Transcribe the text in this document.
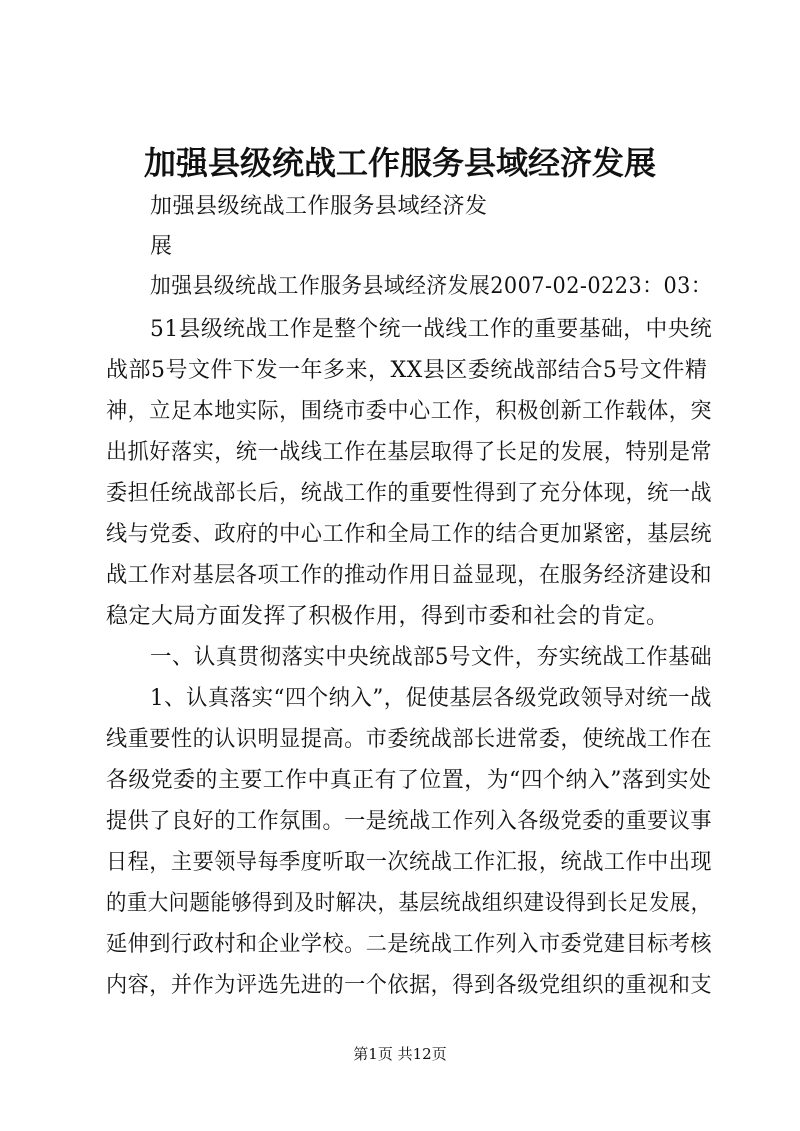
加强县级统战工作服务县域经济发展
加强县级统战工作服务县域经济发
展
加强县级统战工作服务县域经济发展2007-02-0223：03：
51县级统战工作是整个统一战线工作的重要基础，中央统
战部5号文件下发一年多来，XX县区委统战部结合5号文件精
神，立足本地实际，围绕市委中心工作，积极创新工作载体，突
出抓好落实，统一战线工作在基层取得了长足的发展，特别是常
委担任统战部长后，统战工作的重要性得到了充分体现，统一战
线与党委、政府的中心工作和全局工作的结合更加紧密，基层统
战工作对基层各项工作的推动作用日益显现，在服务经济建设和
稳定大局方面发挥了积极作用，得到市委和社会的肯定。
一、认真贯彻落实中央统战部5号文件，夯实统战工作基础
1、认真落实“四个纳入”，促使基层各级党政领导对统一战
线重要性的认识明显提高。市委统战部长进常委，使统战工作在
各级党委的主要工作中真正有了位置，为“四个纳入”落到实处
提供了良好的工作氛围。一是统战工作列入各级党委的重要议事
日程，主要领导每季度听取一次统战工作汇报，统战工作中出现
的重大问题能够得到及时解决，基层统战组织建设得到长足发展，
延伸到行政村和企业学校。二是统战工作列入市委党建目标考核
内容，并作为评选先进的一个依据，得到各级党组织的重视和支
第1页 共12页
